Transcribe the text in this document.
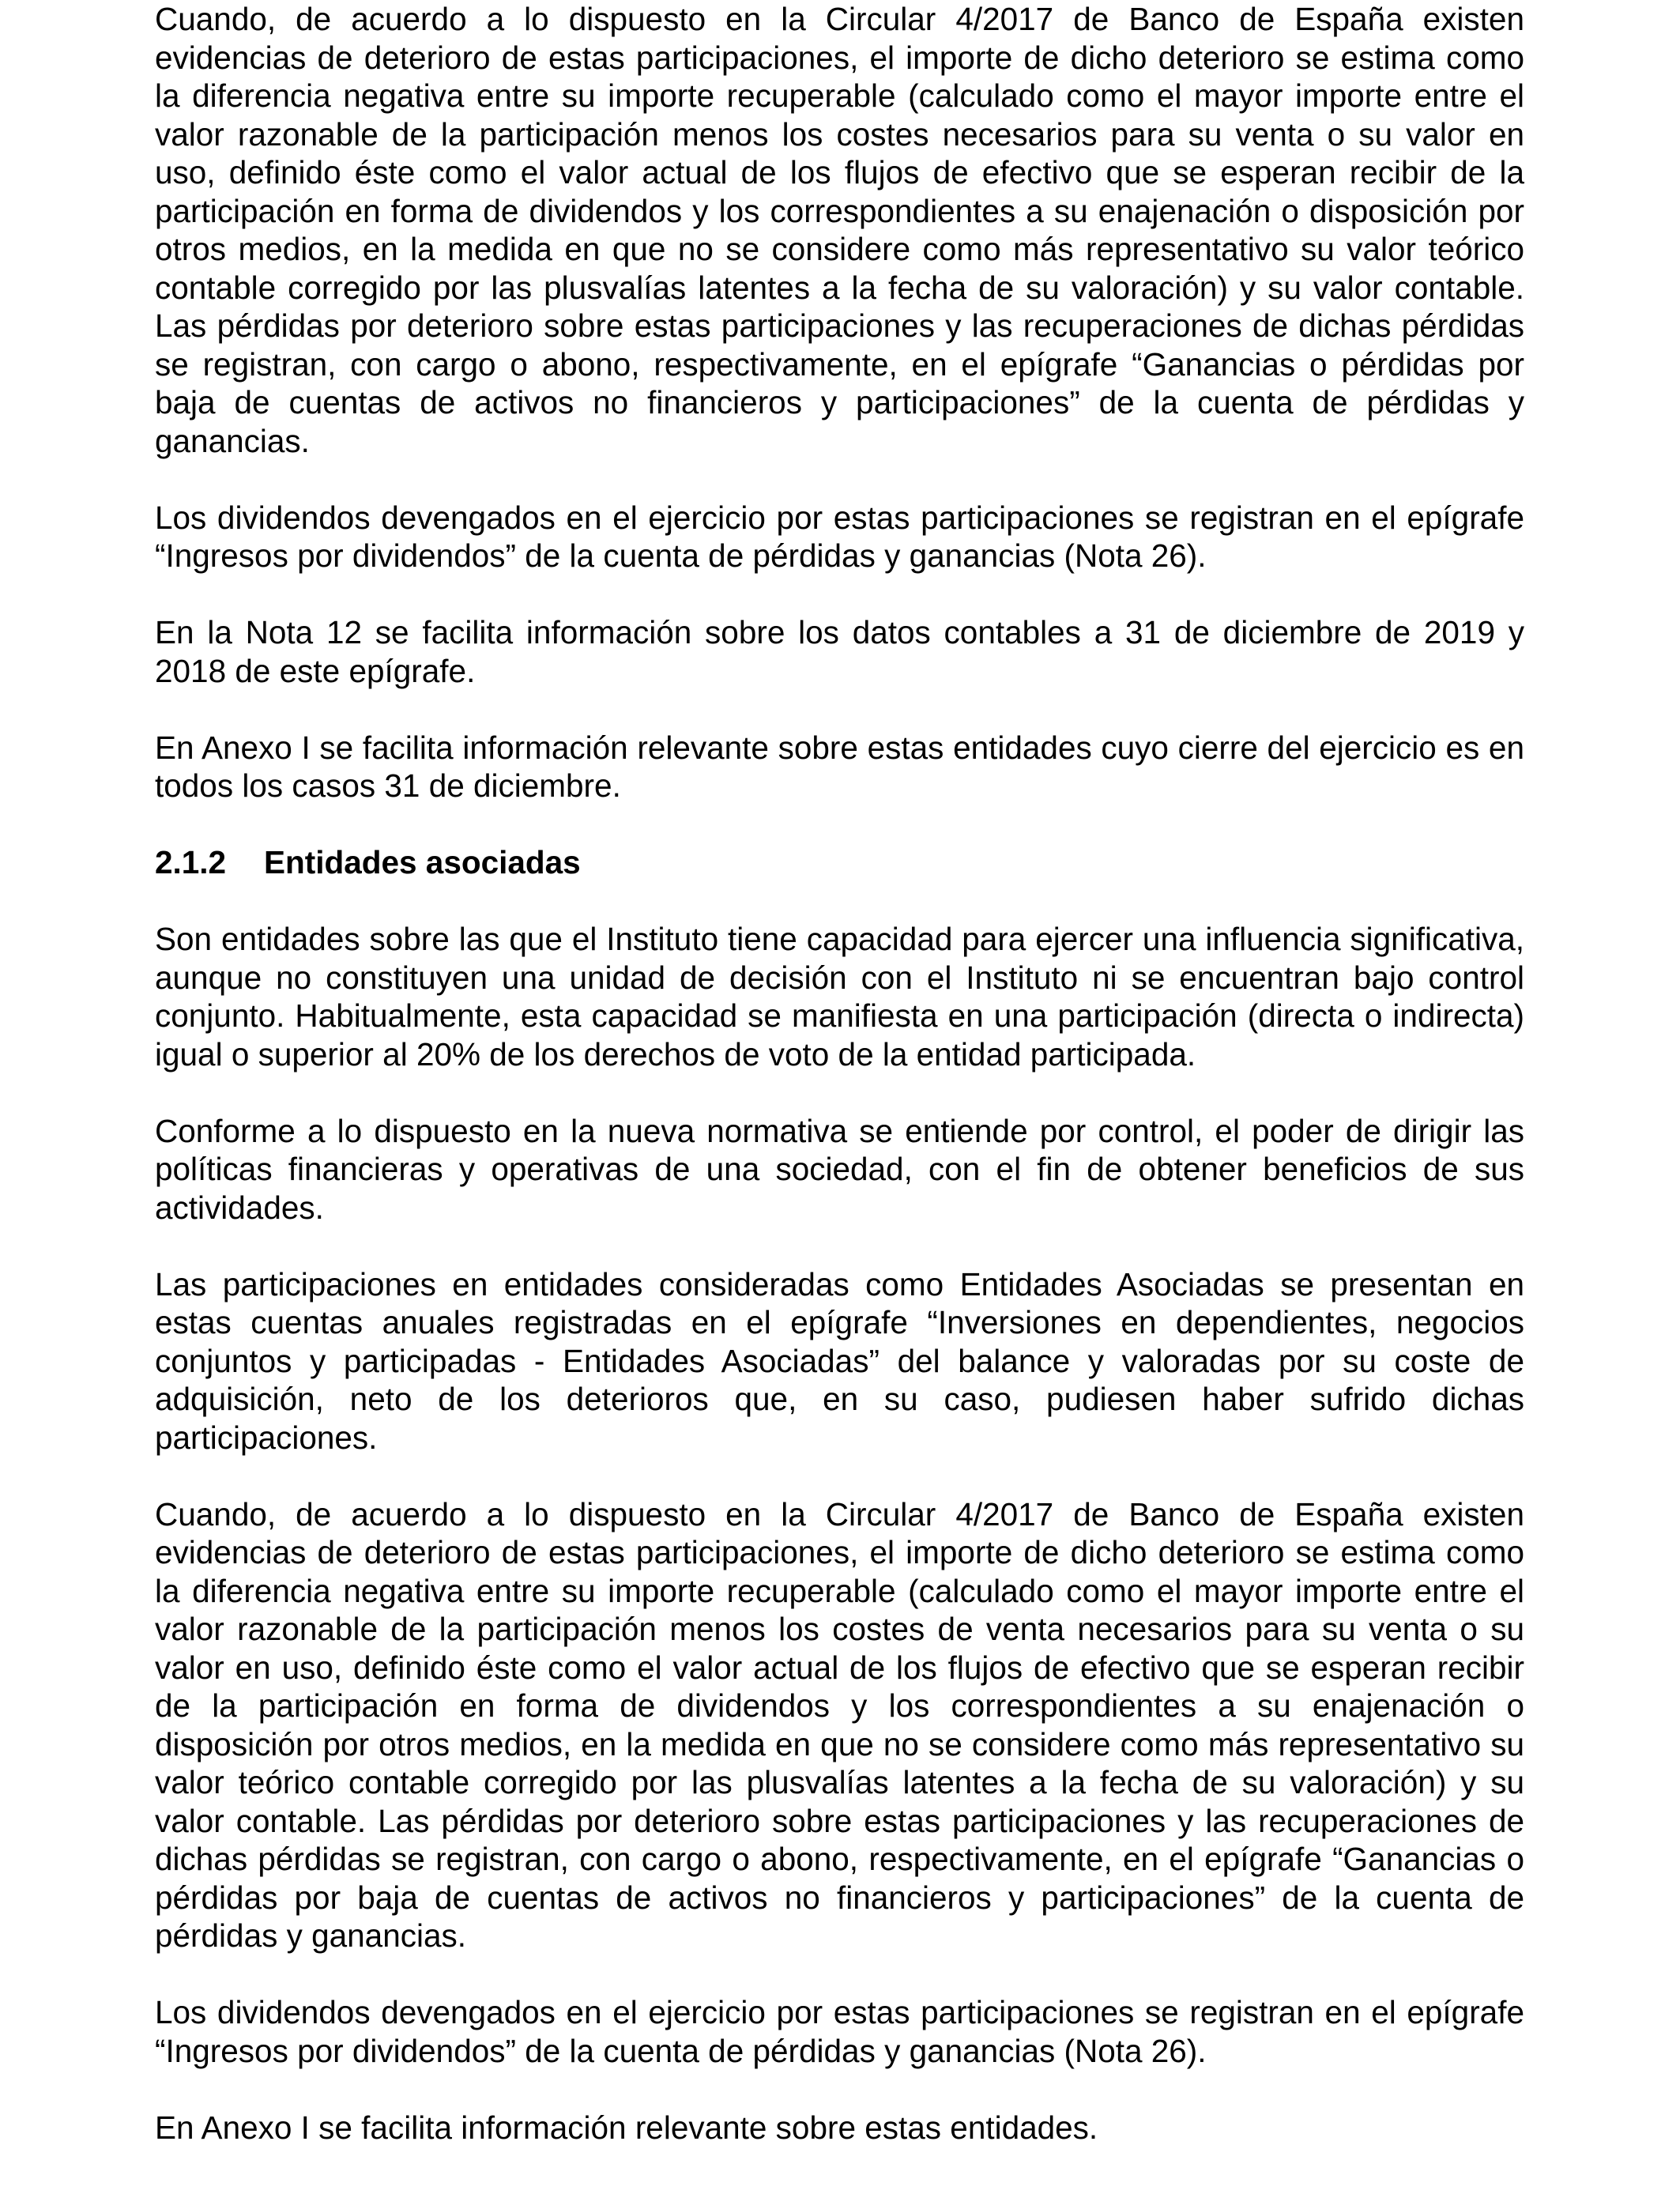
Cuando, de acuerdo a lo dispuesto en la Circular 4/2017 de Banco de España existen evidencias de deterioro de estas participaciones, el importe de dicho deterioro se estima como la diferencia negativa entre su importe recuperable (calculado como el mayor importe entre el valor razonable de la participación menos los costes necesarios para su venta o su valor en uso, definido éste como el valor actual de los flujos de efectivo que se esperan recibir de la participación en forma de dividendos y los correspondientes a su enajenación o disposición por otros medios, en la medida en que no se considere como más representativo su valor teórico contable corregido por las plusvalías latentes a la fecha de su valoración) y su valor contable. Las pérdidas por deterioro sobre estas participaciones y las recuperaciones de dichas pérdidas se registran, con cargo o abono, respectivamente, en el epígrafe “Ganancias o pérdidas por baja de cuentas de activos no financieros y participaciones” de la cuenta de pérdidas y ganancias.

Los dividendos devengados en el ejercicio por estas participaciones se registran en el epígrafe “Ingresos por dividendos” de la cuenta de pérdidas y ganancias (Nota 26).

En la Nota 12 se facilita información sobre los datos contables a 31 de diciembre de 2019 y 2018 de este epígrafe.

En Anexo I se facilita información relevante sobre estas entidades cuyo cierre del ejercicio es en todos los casos 31 de diciembre.

2.1.2 Entidades asociadas

Son entidades sobre las que el Instituto tiene capacidad para ejercer una influencia significativa, aunque no constituyen una unidad de decisión con el Instituto ni se encuentran bajo control conjunto. Habitualmente, esta capacidad se manifiesta en una participación (directa o indirecta) igual o superior al 20% de los derechos de voto de la entidad participada.

Conforme a lo dispuesto en la nueva normativa se entiende por control, el poder de dirigir las políticas financieras y operativas de una sociedad, con el fin de obtener beneficios de sus actividades.

Las participaciones en entidades consideradas como Entidades Asociadas se presentan en estas cuentas anuales registradas en el epígrafe “Inversiones en dependientes, negocios conjuntos y participadas - Entidades Asociadas” del balance y valoradas por su coste de adquisición, neto de los deterioros que, en su caso, pudiesen haber sufrido dichas participaciones.

Cuando, de acuerdo a lo dispuesto en la Circular 4/2017 de Banco de España existen evidencias de deterioro de estas participaciones, el importe de dicho deterioro se estima como la diferencia negativa entre su importe recuperable (calculado como el mayor importe entre el valor razonable de la participación menos los costes de venta necesarios para su venta o su valor en uso, definido éste como el valor actual de los flujos de efectivo que se esperan recibir de la participación en forma de dividendos y los correspondientes a su enajenación o disposición por otros medios, en la medida en que no se considere como más representativo su valor teórico contable corregido por las plusvalías latentes a la fecha de su valoración) y su valor contable. Las pérdidas por deterioro sobre estas participaciones y las recuperaciones de dichas pérdidas se registran, con cargo o abono, respectivamente, en el epígrafe “Ganancias o pérdidas por baja de cuentas de activos no financieros y participaciones” de la cuenta de pérdidas y ganancias.

Los dividendos devengados en el ejercicio por estas participaciones se registran en el epígrafe “Ingresos por dividendos” de la cuenta de pérdidas y ganancias (Nota 26).

En Anexo I se facilita información relevante sobre estas entidades.
